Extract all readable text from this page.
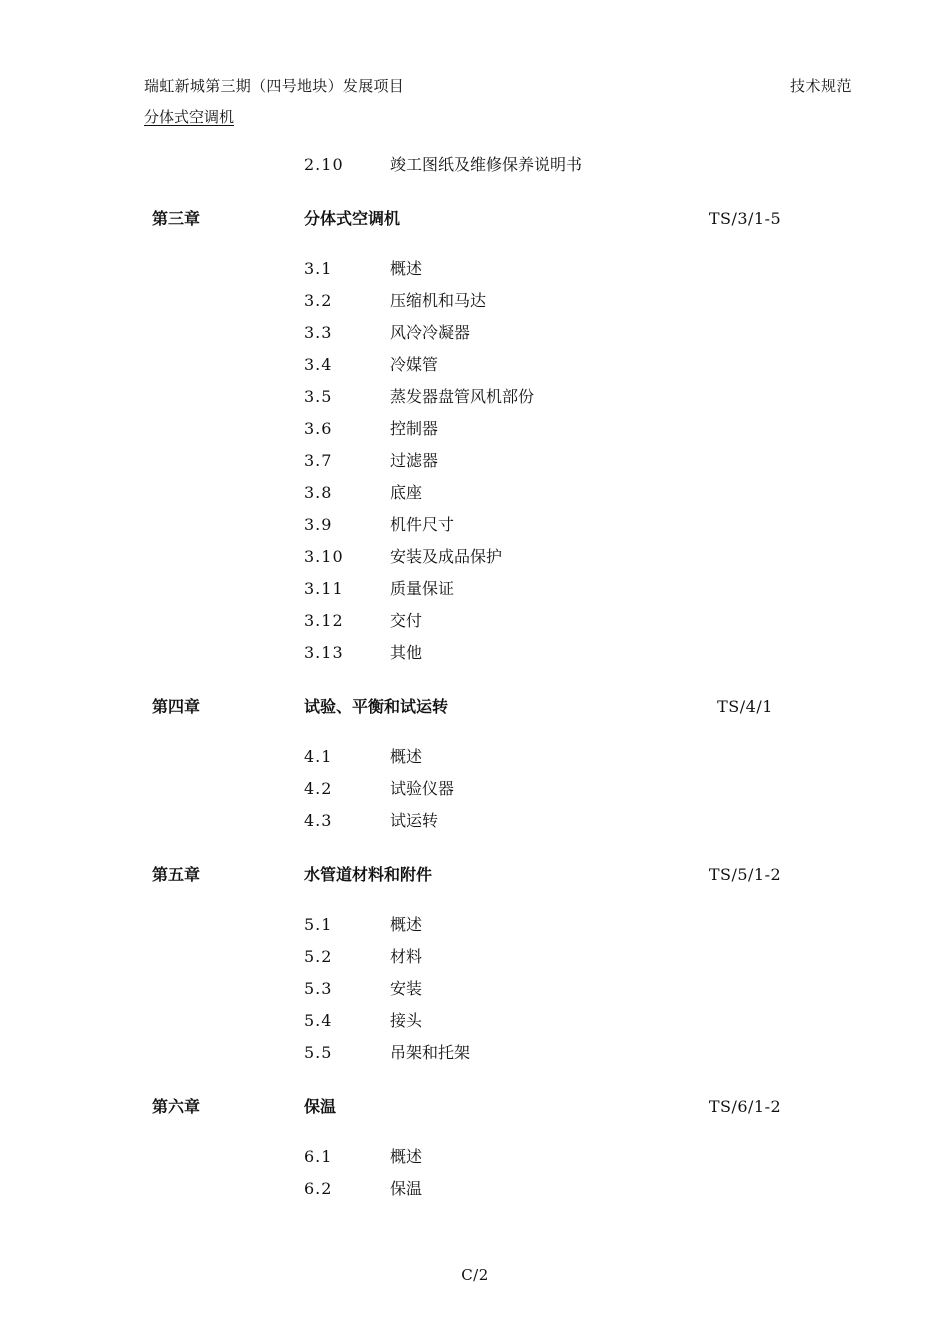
瑞虹新城第三期（四号地块）发展项目	技术规范
分体式空调机
2.10	竣工图纸及维修保养说明书
第三章	分体式空调机	TS/3/1-5
3.1	概述
3.2	压缩机和马达
3.3	风冷冷凝器
3.4	冷媒管
3.5	蒸发器盘管风机部份
3.6	控制器
3.7	过滤器
3.8	底座
3.9	机件尺寸
3.10	安装及成品保护
3.11	质量保证
3.12	交付
3.13	其他
第四章	试验、平衡和试运转	TS/4/1
4.1	概述
4.2	试验仪器
4.3	试运转
第五章	水管道材料和附件	TS/5/1-2
5.1	概述
5.2	材料
5.3	安装
5.4	接头
5.5	吊架和托架
第六章	保温	TS/6/1-2
6.1	概述
6.2	保温
C/2
